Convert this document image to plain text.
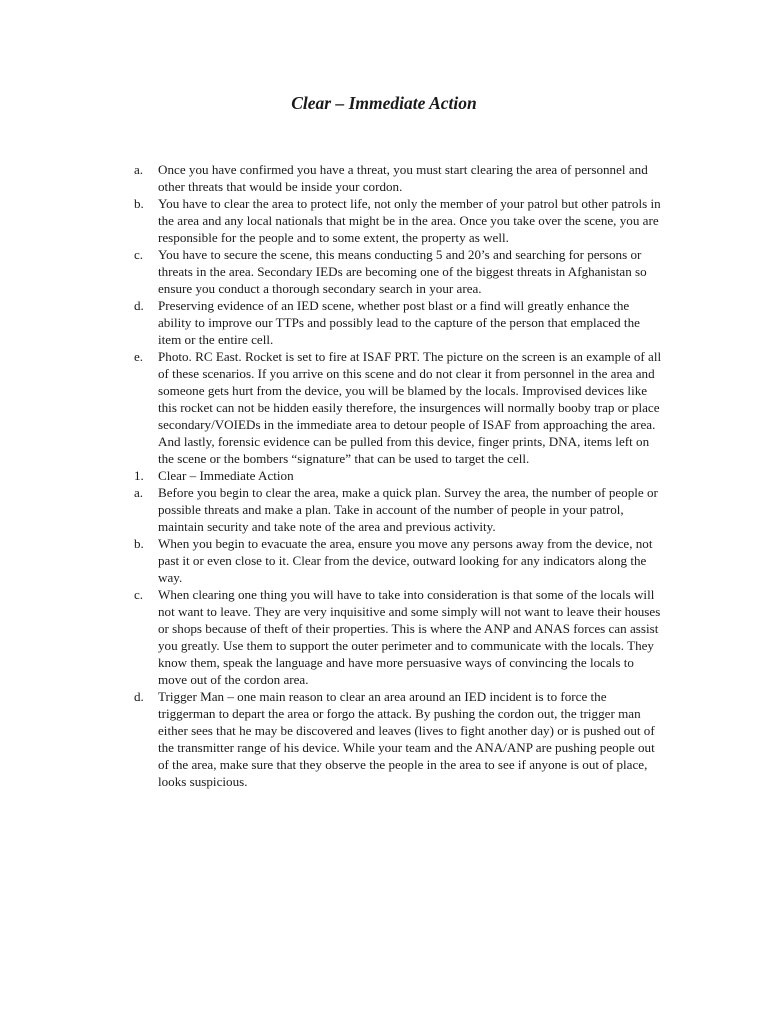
Clear – Immediate Action
a.	Once you have confirmed you have a threat, you must start clearing the area of personnel and other threats that would be inside your cordon.
b.	You have to clear the area to protect life, not only the member of your patrol but other patrols in the area and any local nationals that might be in the area. Once you take over the scene, you are responsible for the people and to some extent, the property as well.
c.	You have to secure the scene, this means conducting 5 and 20’s and searching for persons or threats in the area. Secondary IEDs are becoming one of the biggest threats in Afghanistan so ensure you conduct a thorough secondary search in your area.
d.	Preserving evidence of an IED scene, whether post blast or a find will greatly enhance the ability to improve our TTPs and possibly lead to the capture of the person that emplaced the item or the entire cell.
e.	Photo. RC East. Rocket is set to fire at ISAF PRT. The picture on the screen is an example of all of these scenarios. If you arrive on this scene and do not clear it from personnel in the area and someone gets hurt from the device, you will be blamed by the locals. Improvised devices like this rocket can not be hidden easily therefore, the insurgences will normally booby trap or place secondary/VOIEDs in the immediate area to detour people of ISAF from approaching the area. And lastly, forensic evidence can be pulled from this device, finger prints, DNA, items left on the scene or the bombers “signature” that can be used to target the cell.
1.	Clear – Immediate Action
a.	Before you begin to clear the area, make a quick plan. Survey the area, the number of people or possible threats and make a plan. Take in account of the number of people in your patrol, maintain security and take note of the area and previous activity.
b.	When you begin to evacuate the area, ensure you move any persons away from the device, not past it or even close to it. Clear from the device, outward looking for any indicators along the way.
c.	When clearing one thing you will have to take into consideration is that some of the locals will not want to leave. They are very inquisitive and some simply will not want to leave their houses or shops because of theft of their properties. This is where the ANP and ANAS forces can assist you greatly. Use them to support the outer perimeter and to communicate with the locals. They know them, speak the language and have more persuasive ways of convincing the locals to move out of the cordon area.
d.	Trigger Man – one main reason to clear an area around an IED incident is to force the triggerman to depart the area or forgo the attack. By pushing the cordon out, the trigger man either sees that he may be discovered and leaves (lives to fight another day) or is pushed out of the transmitter range of his device. While your team and the ANA/ANP are pushing people out of the area, make sure that they observe the people in the area to see if anyone is out of place, looks suspicious.
